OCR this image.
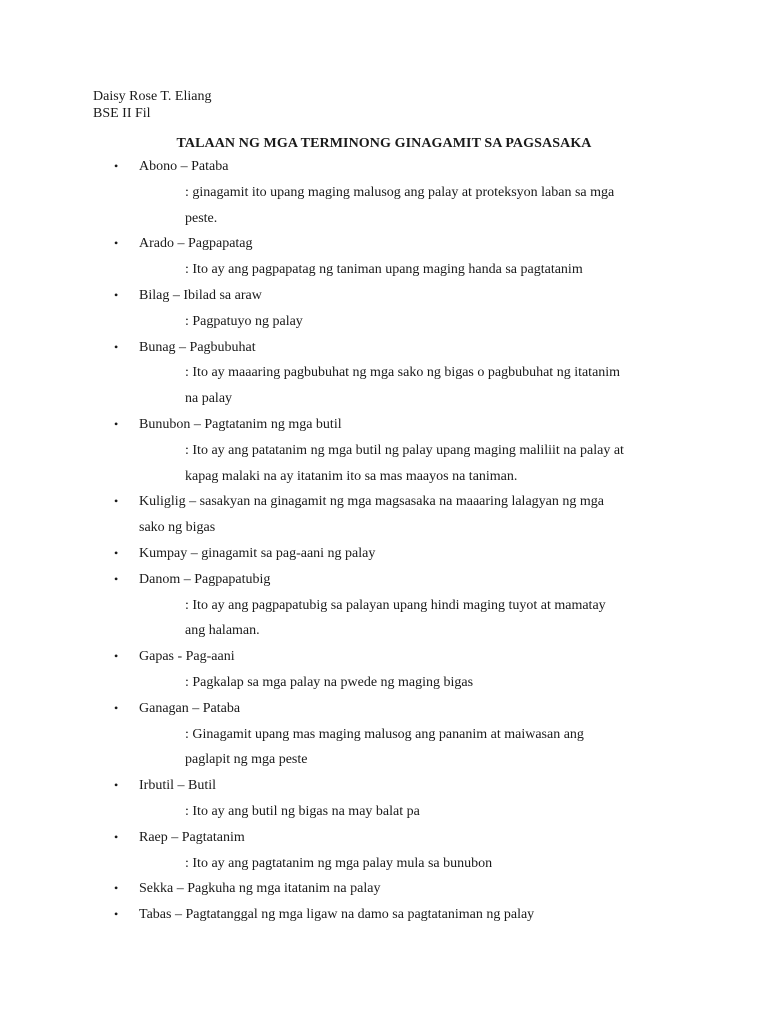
Daisy Rose T. Eliang
BSE II Fil
TALAAN NG MGA TERMINONG GINAGAMIT SA PAGSASAKA
• Abono – Pataba
: ginagamit ito upang maging malusog ang palay at proteksyon laban sa mga
peste.
• Arado – Pagpapatag
: Ito ay ang pagpapatag ng taniman upang maging handa sa pagtatanim
• Bilag – Ibilad sa araw
: Pagpatuyo ng palay
• Bunag – Pagbubuhat
: Ito ay maaaring pagbubuhat ng mga sako ng bigas o pagbubuhat ng itatanim
na palay
• Bunubon – Pagtatanim ng mga butil
: Ito ay ang patatanim ng mga butil ng palay upang maging maliliit na palay at
kapag malaki na ay itatanim ito sa mas maayos na taniman.
• Kuliglig – sasakyan na ginagamit ng mga magsasaka na maaaring lalagyan ng mga
sako ng bigas
• Kumpay – ginagamit sa pag-aani ng palay
• Danom – Pagpapatubig
: Ito ay ang pagpapatubig sa palayan upang hindi maging tuyot at mamatay
ang halaman.
• Gapas - Pag-aani
: Pagkalap sa mga palay na pwede ng maging bigas
• Ganagan – Pataba
: Ginagamit upang mas maging malusog ang pananim at maiwasan ang
paglapit ng mga peste
• Irbutil – Butil
: Ito ay ang butil ng bigas na may balat pa
• Raep – Pagtatanim
: Ito ay ang pagtatanim ng mga palay mula sa bunubon
• Sekka – Pagkuha ng mga itatanim na palay
• Tabas – Pagtatanggal ng mga ligaw na damo sa pagtataniman ng palay
